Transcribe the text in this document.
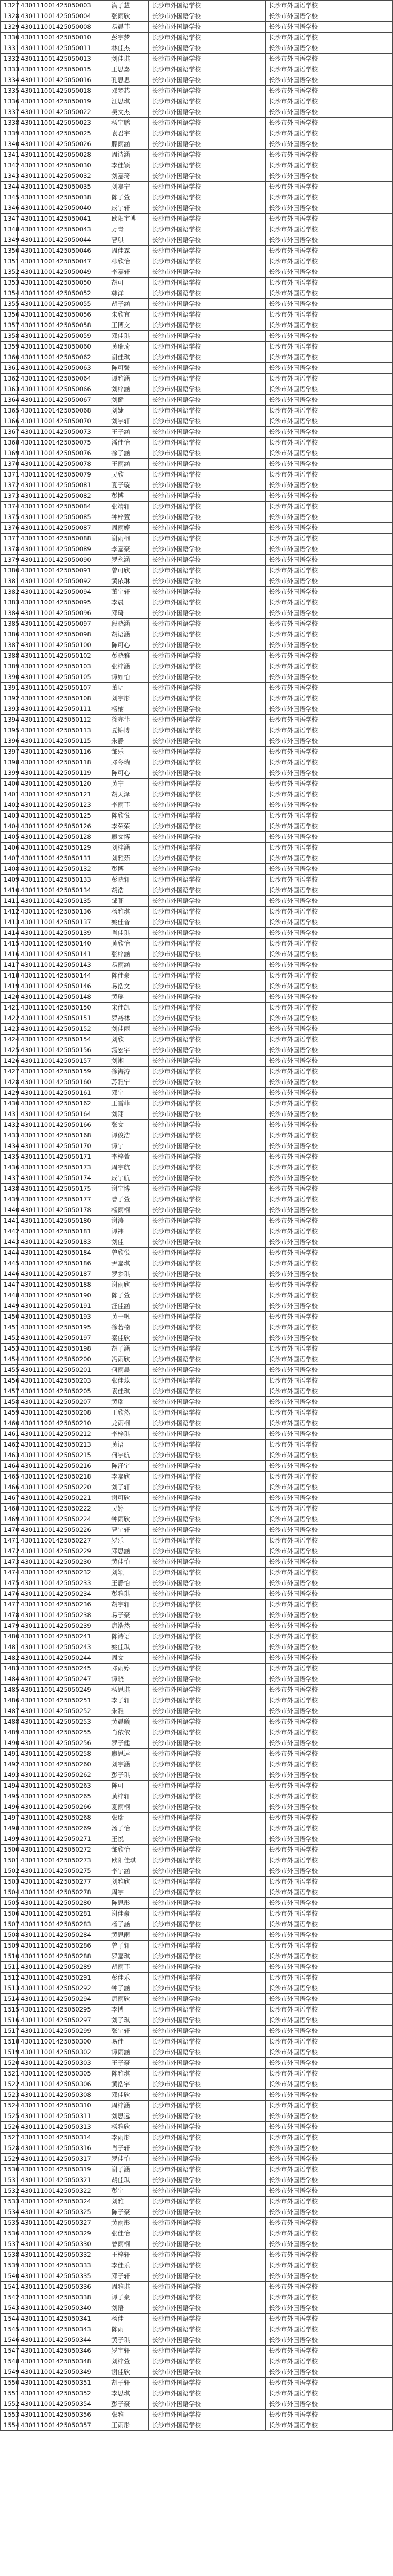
1327	430111001425050003	满子慧	长沙市外国语学校	长沙市外国语学校
1328	430111001425050004	张雨欣	长沙市外国语学校	长沙市外国语学校
1329	430111001425050008	易晨菲	长沙市外国语学校	长沙市外国语学校
1330	430111001425050010	彭宇梦	长沙市外国语学校	长沙市外国语学校
1331	430111001425050011	林佳杰	长沙市外国语学校	长沙市外国语学校
1332	430111001425050013	刘佳琪	长沙市外国语学校	长沙市外国语学校
1333	430111001425050015	王思嘉	长沙市外国语学校	长沙市外国语学校
1334	430111001425050016	孔思思	长沙市外国语学校	长沙市外国语学校
1335	430111001425050018	邓梦芯	长沙市外国语学校	长沙市外国语学校
1336	430111001425050019	江思琪	长沙市外国语学校	长沙市外国语学校
1337	430111001425050022	吴文杰	长沙市外国语学校	长沙市外国语学校
1338	430111001425050023	杨宇鹏	长沙市外国语学校	长沙市外国语学校
1339	430111001425050025	袁君宇	长沙市外国语学校	长沙市外国语学校
1340	430111001425050026	滕雨涵	长沙市外国语学校	长沙市外国语学校
1341	430111001425050028	周诗涵	长沙市外国语学校	长沙市外国语学校
1342	430111001425050030	李佳颖	长沙市外国语学校	长沙市外国语学校
1343	430111001425050032	刘嘉琦	长沙市外国语学校	长沙市外国语学校
1344	430111001425050035	刘嘉宁	长沙市外国语学校	长沙市外国语学校
1345	430111001425050038	陈子萱	长沙市外国语学校	长沙市外国语学校
1346	430111001425050040	成宇轩	长沙市外国语学校	长沙市外国语学校
1347	430111001425050041	欧阳宇博	长沙市外国语学校	长沙市外国语学校
1348	430111001425050043	万青	长沙市外国语学校	长沙市外国语学校
1349	430111001425050044	曹琪	长沙市外国语学校	长沙市外国语学校
1350	430111001425050046	周佳霖	长沙市外国语学校	长沙市外国语学校
1351	430111001425050047	柳欣怡	长沙市外国语学校	长沙市外国语学校
1352	430111001425050049	李嘉轩	长沙市外国语学校	长沙市外国语学校
1353	430111001425050050	胡可	长沙市外国语学校	长沙市外国语学校
1354	430111001425050052	韩洋	长沙市外国语学校	长沙市外国语学校
1355	430111001425050055	胡子涵	长沙市外国语学校	长沙市外国语学校
1356	430111001425050056	朱欣宜	长沙市外国语学校	长沙市外国语学校
1357	430111001425050058	王博文	长沙市外国语学校	长沙市外国语学校
1358	430111001425050059	邓佳琪	长沙市外国语学校	长沙市外国语学校
1359	430111001425050060	黄瑞琦	长沙市外国语学校	长沙市外国语学校
1360	430111001425050062	谢佳琪	长沙市外国语学校	长沙市外国语学校
1361	430111001425050063	陈可馨	长沙市外国语学校	长沙市外国语学校
1362	430111001425050064	谭雅涵	长沙市外国语学校	长沙市外国语学校
1363	430111001425050066	刘梓涵	长沙市外国语学校	长沙市外国语学校
1364	430111001425050067	刘健	长沙市外国语学校	长沙市外国语学校
1365	430111001425050068	刘婕	长沙市外国语学校	长沙市外国语学校
1366	430111001425050070	刘宇轩	长沙市外国语学校	长沙市外国语学校
1367	430111001425050073	王子涵	长沙市外国语学校	长沙市外国语学校
1368	430111001425050075	潘佳怡	长沙市外国语学校	长沙市外国语学校
1369	430111001425050076	徐子涵	长沙市外国语学校	长沙市外国语学校
1370	430111001425050078	王雨涵	长沙市外国语学校	长沙市外国语学校
1371	430111001425050079	吴欣	长沙市外国语学校	长沙市外国语学校
1372	430111001425050081	夏子璇	长沙市外国语学校	长沙市外国语学校
1373	430111001425050082	彭博	长沙市外国语学校	长沙市外国语学校
1374	430111001425050084	张靖轩	长沙市外国语学校	长沙市外国语学校
1375	430111001425050085	钟梓萱	长沙市外国语学校	长沙市外国语学校
1376	430111001425050087	周雨婷	长沙市外国语学校	长沙市外国语学校
1377	430111001425050088	谢雨桐	长沙市外国语学校	长沙市外国语学校
1378	430111001425050089	李嘉豪	长沙市外国语学校	长沙市外国语学校
1379	430111001425050090	罗永涵	长沙市外国语学校	长沙市外国语学校
1380	430111001425050091	曾可欣	长沙市外国语学校	长沙市外国语学校
1381	430111001425050092	黄依琳	长沙市外国语学校	长沙市外国语学校
1382	430111001425050094	董宇轩	长沙市外国语学校	长沙市外国语学校
1383	430111001425050095	李晨	长沙市外国语学校	长沙市外国语学校
1384	430111001425050096	邓琦	长沙市外国语学校	长沙市外国语学校
1385	430111001425050097	段晓涵	长沙市外国语学校	长沙市外国语学校
1386	430111001425050098	胡语涵	长沙市外国语学校	长沙市外国语学校
1387	430111001425050100	陈可心	长沙市外国语学校	长沙市外国语学校
1388	430111001425050102	彭晓雅	长沙市外国语学校	长沙市外国语学校
1389	430111001425050103	张梓涵	长沙市外国语学校	长沙市外国语学校
1390	430111001425050105	谭如怡	长沙市外国语学校	长沙市外国语学校
1391	430111001425050107	董玥	长沙市外国语学校	长沙市外国语学校
1392	430111001425050108	刘宇彤	长沙市外国语学校	长沙市外国语学校
1393	430111001425050111	杨楠	长沙市外国语学校	长沙市外国语学校
1394	430111001425050112	徐亦菲	长沙市外国语学校	长沙市外国语学校
1395	430111001425050113	夏锦博	长沙市外国语学校	长沙市外国语学校
1396	430111001425050115	朱静	长沙市外国语学校	长沙市外国语学校
1397	430111001425050116	邹乐	长沙市外国语学校	长沙市外国语学校
1398	430111001425050118	邓冬瑞	长沙市外国语学校	长沙市外国语学校
1399	430111001425050119	陈可心	长沙市外国语学校	长沙市外国语学校
1400	430111001425050120	黄宁	长沙市外国语学校	长沙市外国语学校
1401	430111001425050121	胡天泽	长沙市外国语学校	长沙市外国语学校
1402	430111001425050123	李雨菲	长沙市外国语学校	长沙市外国语学校
1403	430111001425050125	陈欣悦	长沙市外国语学校	长沙市外国语学校
1404	430111001425050126	李荣荣	长沙市外国语学校	长沙市外国语学校
1405	430111001425050128	廖文博	长沙市外国语学校	长沙市外国语学校
1406	430111001425050129	刘梓涵	长沙市外国语学校	长沙市外国语学校
1407	430111001425050131	刘雅茹	长沙市外国语学校	长沙市外国语学校
1408	430111001425050132	彭博	长沙市外国语学校	长沙市外国语学校
1409	430111001425050133	彭晓轩	长沙市外国语学校	长沙市外国语学校
1410	430111001425050134	胡浩	长沙市外国语学校	长沙市外国语学校
1411	430111001425050135	邹菲	长沙市外国语学校	长沙市外国语学校
1412	430111001425050136	杨雅琪	长沙市外国语学校	长沙市外国语学校
1413	430111001425050137	姚佳音	长沙市外国语学校	长沙市外国语学校
1414	430111001425050139	肖佳琪	长沙市外国语学校	长沙市外国语学校
1415	430111001425050140	黄欣怡	长沙市外国语学校	长沙市外国语学校
1416	430111001425050141	张梓涵	长沙市外国语学校	长沙市外国语学校
1417	430111001425050143	易雨涵	长沙市外国语学校	长沙市外国语学校
1418	430111001425050144	陈佳豪	长沙市外国语学校	长沙市外国语学校
1419	430111001425050146	易浩文	长沙市外国语学校	长沙市外国语学校
1420	430111001425050148	黄瑶	长沙市外国语学校	长沙市外国语学校
1421	430111001425050150	宋佳凯	长沙市外国语学校	长沙市外国语学校
1422	430111001425050151	罗裕林	长沙市外国语学校	长沙市外国语学校
1423	430111001425050152	刘佳丽	长沙市外国语学校	长沙市外国语学校
1424	430111001425050154	刘欣	长沙市外国语学校	长沙市外国语学校
1425	430111001425050156	汤宏宇	长沙市外国语学校	长沙市外国语学校
1426	430111001425050157	刘湘	长沙市外国语学校	长沙市外国语学校
1427	430111001425050159	徐海涛	长沙市外国语学校	长沙市外国语学校
1428	430111001425050160	苏雅宁	长沙市外国语学校	长沙市外国语学校
1429	430111001425050161	邓宇	长沙市外国语学校	长沙市外国语学校
1430	430111001425050162	王雪菲	长沙市外国语学校	长沙市外国语学校
1431	430111001425050164	刘翔	长沙市外国语学校	长沙市外国语学校
1432	430111001425050166	张文	长沙市外国语学校	长沙市外国语学校
1433	430111001425050168	谭俊浩	长沙市外国语学校	长沙市外国语学校
1434	430111001425050170	谭宇	长沙市外国语学校	长沙市外国语学校
1435	430111001425050171	李梓萱	长沙市外国语学校	长沙市外国语学校
1436	430111001425050173	周宇航	长沙市外国语学校	长沙市外国语学校
1437	430111001425050174	成宇航	长沙市外国语学校	长沙市外国语学校
1438	430111001425050175	谢宇博	长沙市外国语学校	长沙市外国语学校
1439	430111001425050177	曹子萱	长沙市外国语学校	长沙市外国语学校
1440	430111001425050178	杨雨桐	长沙市外国语学校	长沙市外国语学校
1441	430111001425050180	谢涛	长沙市外国语学校	长沙市外国语学校
1442	430111001425050181	谭祎	长沙市外国语学校	长沙市外国语学校
1443	430111001425050183	刘佳	长沙市外国语学校	长沙市外国语学校
1444	430111001425050184	曾欣悦	长沙市外国语学校	长沙市外国语学校
1445	430111001425050186	尹嘉琪	长沙市外国语学校	长沙市外国语学校
1446	430111001425050187	罗梦琪	长沙市外国语学校	长沙市外国语学校
1447	430111001425050188	谢雨欣	长沙市外国语学校	长沙市外国语学校
1448	430111001425050190	陈子萱	长沙市外国语学校	长沙市外国语学校
1449	430111001425050191	汪佳涵	长沙市外国语学校	长沙市外国语学校
1450	430111001425050193	黄一帆	长沙市外国语学校	长沙市外国语学校
1451	430111001425050195	徐若楠	长沙市外国语学校	长沙市外国语学校
1452	430111001425050197	秦佳欣	长沙市外国语学校	长沙市外国语学校
1453	430111001425050198	胡子涵	长沙市外国语学校	长沙市外国语学校
1454	430111001425050200	冯雨欣	长沙市外国语学校	长沙市外国语学校
1455	430111001425050201	何雨晨	长沙市外国语学校	长沙市外国语学校
1456	430111001425050203	张佳蕊	长沙市外国语学校	长沙市外国语学校
1457	430111001425050205	袁佳琪	长沙市外国语学校	长沙市外国语学校
1458	430111001425050207	黄瑞	长沙市外国语学校	长沙市外国语学校
1459	430111001425050208	王欣然	长沙市外国语学校	长沙市外国语学校
1460	430111001425050210	龙雨桐	长沙市外国语学校	长沙市外国语学校
1461	430111001425050212	李梓琪	长沙市外国语学校	长沙市外国语学校
1462	430111001425050213	黄语	长沙市外国语学校	长沙市外国语学校
1463	430111001425050215	何宇航	长沙市外国语学校	长沙市外国语学校
1464	430111001425050216	陈泽宇	长沙市外国语学校	长沙市外国语学校
1465	430111001425050218	李嘉欣	长沙市外国语学校	长沙市外国语学校
1466	430111001425050220	刘子轩	长沙市外国语学校	长沙市外国语学校
1467	430111001425050221	谢可欣	长沙市外国语学校	长沙市外国语学校
1468	430111001425050222	吴婷	长沙市外国语学校	长沙市外国语学校
1469	430111001425050224	钟雨欣	长沙市外国语学校	长沙市外国语学校
1470	430111001425050226	曹宇轩	长沙市外国语学校	长沙市外国语学校
1471	430111001425050227	罗乐	长沙市外国语学校	长沙市外国语学校
1472	430111001425050229	邓思涵	长沙市外国语学校	长沙市外国语学校
1473	430111001425050230	黄佳怡	长沙市外国语学校	长沙市外国语学校
1474	430111001425050232	刘颖	长沙市外国语学校	长沙市外国语学校
1475	430111001425050233	王静怡	长沙市外国语学校	长沙市外国语学校
1476	430111001425050234	彭雅琪	长沙市外国语学校	长沙市外国语学校
1477	430111001425050236	胡宇轩	长沙市外国语学校	长沙市外国语学校
1478	430111001425050238	易子豪	长沙市外国语学校	长沙市外国语学校
1479	430111001425050239	唐浩然	长沙市外国语学校	长沙市外国语学校
1480	430111001425050241	陈诗语	长沙市外国语学校	长沙市外国语学校
1481	430111001425050243	姚佳琪	长沙市外国语学校	长沙市外国语学校
1482	430111001425050244	周文	长沙市外国语学校	长沙市外国语学校
1483	430111001425050245	邓雨婷	长沙市外国语学校	长沙市外国语学校
1484	430111001425050247	谭晓	长沙市外国语学校	长沙市外国语学校
1485	430111001425050249	杨思琪	长沙市外国语学校	长沙市外国语学校
1486	430111001425050251	李子轩	长沙市外国语学校	长沙市外国语学校
1487	430111001425050252	朱雅	长沙市外国语学校	长沙市外国语学校
1488	430111001425050253	黄晨曦	长沙市外国语学校	长沙市外国语学校
1489	430111001425050255	肖依依	长沙市外国语学校	长沙市外国语学校
1490	430111001425050256	罗子健	长沙市外国语学校	长沙市外国语学校
1491	430111001425050258	廖思远	长沙市外国语学校	长沙市外国语学校
1492	430111001425050260	刘宇涵	长沙市外国语学校	长沙市外国语学校
1493	430111001425050262	彭子琪	长沙市外国语学校	长沙市外国语学校
1494	430111001425050263	陈可	长沙市外国语学校	长沙市外国语学校
1495	430111001425050265	黄梓轩	长沙市外国语学校	长沙市外国语学校
1496	430111001425050266	夏雨桐	长沙市外国语学校	长沙市外国语学校
1497	430111001425050268	张瑞	长沙市外国语学校	长沙市外国语学校
1498	430111001425050269	汤子怡	长沙市外国语学校	长沙市外国语学校
1499	430111001425050271	王悦	长沙市外国语学校	长沙市外国语学校
1500	430111001425050272	邹欣怡	长沙市外国语学校	长沙市外国语学校
1501	430111001425050273	欧阳佳琪	长沙市外国语学校	长沙市外国语学校
1502	430111001425050275	李宇涵	长沙市外国语学校	长沙市外国语学校
1503	430111001425050277	刘雅欣	长沙市外国语学校	长沙市外国语学校
1504	430111001425050278	周宇	长沙市外国语学校	长沙市外国语学校
1505	430111001425050280	陈思彤	长沙市外国语学校	长沙市外国语学校
1506	430111001425050281	谢佳豪	长沙市外国语学校	长沙市外国语学校
1507	430111001425050283	杨子涵	长沙市外国语学校	长沙市外国语学校
1508	430111001425050284	黄思雨	长沙市外国语学校	长沙市外国语学校
1509	430111001425050286	曾子轩	长沙市外国语学校	长沙市外国语学校
1510	430111001425050288	罗嘉琪	长沙市外国语学校	长沙市外国语学校
1511	430111001425050289	胡雨菲	长沙市外国语学校	长沙市外国语学校
1512	430111001425050291	彭佳乐	长沙市外国语学校	长沙市外国语学校
1513	430111001425050292	钟子涵	长沙市外国语学校	长沙市外国语学校
1514	430111001425050294	唐雨欣	长沙市外国语学校	长沙市外国语学校
1515	430111001425050295	李博	长沙市外国语学校	长沙市外国语学校
1516	430111001425050297	刘子琪	长沙市外国语学校	长沙市外国语学校
1517	430111001425050299	张宇轩	长沙市外国语学校	长沙市外国语学校
1518	430111001425050300	易佳	长沙市外国语学校	长沙市外国语学校
1519	430111001425050302	谭雨涵	长沙市外国语学校	长沙市外国语学校
1520	430111001425050303	王子豪	长沙市外国语学校	长沙市外国语学校
1521	430111001425050305	陈雅琪	长沙市外国语学校	长沙市外国语学校
1522	430111001425050306	黄浩宇	长沙市外国语学校	长沙市外国语学校
1523	430111001425050308	邓佳欣	长沙市外国语学校	长沙市外国语学校
1524	430111001425050310	周梓涵	长沙市外国语学校	长沙市外国语学校
1525	430111001425050311	刘思远	长沙市外国语学校	长沙市外国语学校
1526	430111001425050313	杨雅欣	长沙市外国语学校	长沙市外国语学校
1527	430111001425050314	李雨彤	长沙市外国语学校	长沙市外国语学校
1528	430111001425050316	肖子轩	长沙市外国语学校	长沙市外国语学校
1529	430111001425050317	罗佳怡	长沙市外国语学校	长沙市外国语学校
1530	430111001425050319	谢子涵	长沙市外国语学校	长沙市外国语学校
1531	430111001425050321	胡佳琪	长沙市外国语学校	长沙市外国语学校
1532	430111001425050322	彭宇	长沙市外国语学校	长沙市外国语学校
1533	430111001425050324	刘雅	长沙市外国语学校	长沙市外国语学校
1534	430111001425050325	陈子豪	长沙市外国语学校	长沙市外国语学校
1535	430111001425050327	黄雨彤	长沙市外国语学校	长沙市外国语学校
1536	430111001425050329	张佳怡	长沙市外国语学校	长沙市外国语学校
1537	430111001425050330	曾雨桐	长沙市外国语学校	长沙市外国语学校
1538	430111001425050332	王梓轩	长沙市外国语学校	长沙市外国语学校
1539	430111001425050333	李佳乐	长沙市外国语学校	长沙市外国语学校
1540	430111001425050335	邓子轩	长沙市外国语学校	长沙市外国语学校
1541	430111001425050336	周雅琪	长沙市外国语学校	长沙市外国语学校
1542	430111001425050338	谭子豪	长沙市外国语学校	长沙市外国语学校
1543	430111001425050340	刘语	长沙市外国语学校	长沙市外国语学校
1544	430111001425050341	杨佳	长沙市外国语学校	长沙市外国语学校
1545	430111001425050343	陈雨	长沙市外国语学校	长沙市外国语学校
1546	430111001425050344	黄子琪	长沙市外国语学校	长沙市外国语学校
1547	430111001425050346	罗宇轩	长沙市外国语学校	长沙市外国语学校
1548	430111001425050348	刘梓萱	长沙市外国语学校	长沙市外国语学校
1549	430111001425050349	谢佳欣	长沙市外国语学校	长沙市外国语学校
1550	430111001425050351	胡子轩	长沙市外国语学校	长沙市外国语学校
1551	430111001425050352	李思琪	长沙市外国语学校	长沙市外国语学校
1552	430111001425050354	彭子豪	长沙市外国语学校	长沙市外国语学校
1553	430111001425050356	张雅	长沙市外国语学校	长沙市外国语学校
1554	430111001425050357	王雨彤	长沙市外国语学校	长沙市外国语学校
